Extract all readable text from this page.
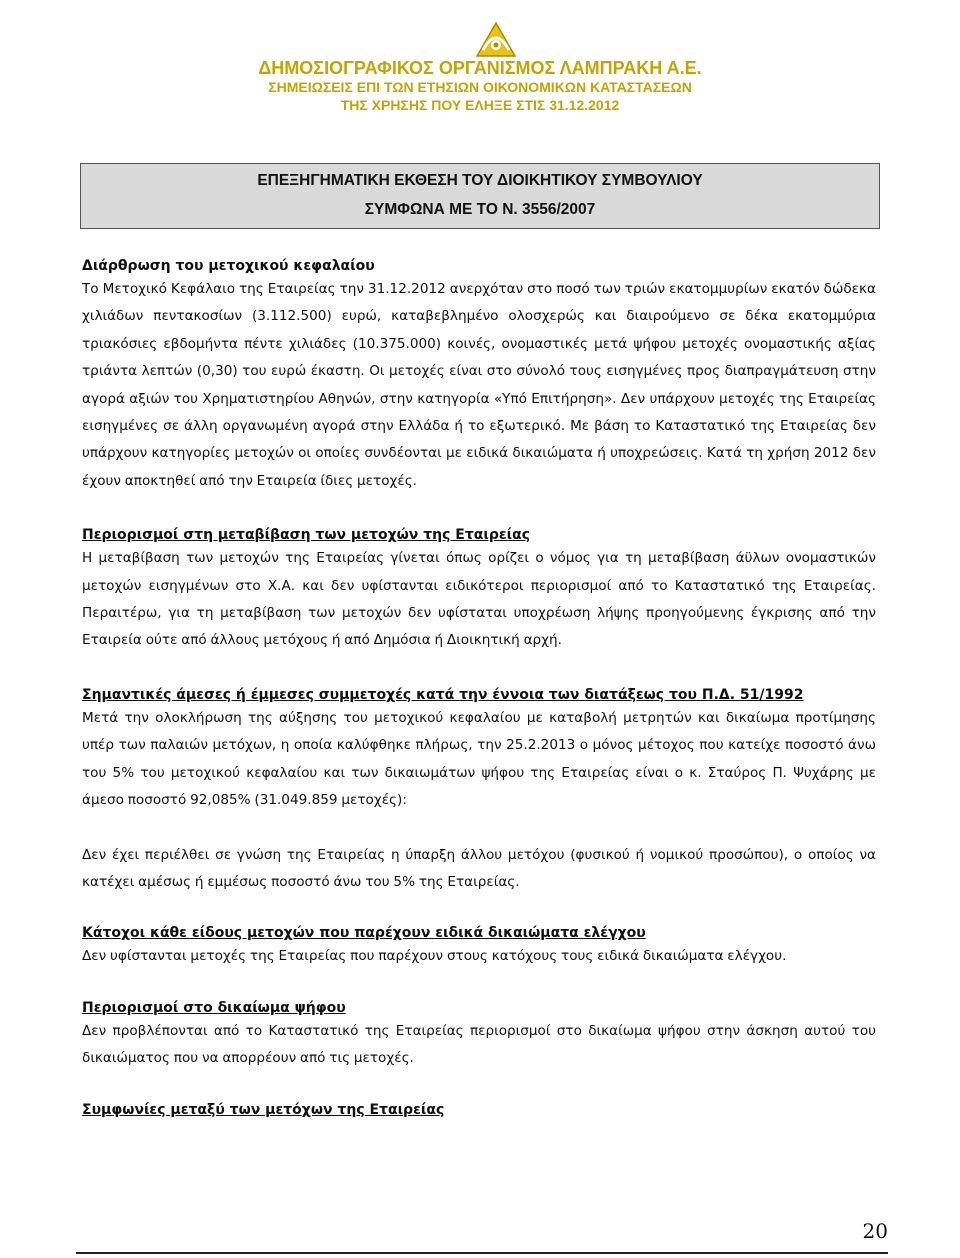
ΔΗΜΟΣΙΟΓΡΑΦΙΚΟΣ ΟΡΓΑΝΙΣΜΟΣ ΛΑΜΠΡΑΚΗ Α.Ε.
ΣΗΜΕΙΩΣΕΙΣ ΕΠΙ ΤΩΝ ΕΤΗΣΙΩΝ ΟΙΚΟΝΟΜΙΚΩΝ ΚΑΤΑΣΤΑΣΕΩΝ
ΤΗΣ ΧΡΗΣΗΣ ΠΟΥ ΕΛΗΞΕ ΣΤΙΣ 31.12.2012
ΕΠΕΞΗΓΗΜΑΤΙΚΗ ΕΚΘΕΣΗ ΤΟΥ ΔΙΟΙΚΗΤΙΚΟΥ ΣΥΜΒΟΥΛΙΟΥ
ΣΥΜΦΩΝΑ ΜΕ ΤΟ Ν. 3556/2007
Διάρθρωση του μετοχικού κεφαλαίου

Το Μετοχικό Κεφάλαιο της Εταιρείας την 31.12.2012 ανερχόταν στο ποσό των τριών εκατομμυρίων εκατόν δώδεκα χιλιάδων πεντακοσίων (3.112.500) ευρώ, καταβεβλημένο ολοσχερώς και διαιρούμενο σε δέκα εκατομμύρια τριακόσιες εβδομήντα πέντε χιλιάδες (10.375.000) κοινές, ονομαστικές μετά ψήφου μετοχές ονομαστικής αξίας τριάντα λεπτών (0,30) του ευρώ έκαστη. Οι μετοχές είναι στο σύνολό τους εισηγμένες προς διαπραγμάτευση στην αγορά αξιών του Χρηματιστηρίου Αθηνών, στην κατηγορία «Υπό Επιτήρηση». Δεν υπάρχουν μετοχές της Εταιρείας εισηγμένες σε άλλη οργανωμένη αγορά στην Ελλάδα ή το εξωτερικό. Με βάση το Καταστατικό της Εταιρείας δεν υπάρχουν κατηγορίες μετοχών οι οποίες συνδέονται με ειδικά δικαιώματα ή υποχρεώσεις. Κατά τη χρήση 2012 δεν έχουν αποκτηθεί από την Εταιρεία ίδιες μετοχές.

Περιορισμοί στη μεταβίβαση των μετοχών της Εταιρείας

Η μεταβίβαση των μετοχών της Εταιρείας γίνεται όπως ορίζει ο νόμος για τη μεταβίβαση άϋλων ονομαστικών μετοχών εισηγμένων στο Χ.Α. και δεν υφίστανται ειδικότεροι περιορισμοί από το Καταστατικό της Εταιρείας. Περαιτέρω, για τη μεταβίβαση των μετοχών δεν υφίσταται υποχρέωση λήψης προηγούμενης έγκρισης από την Εταιρεία ούτε από άλλους μετόχους ή από Δημόσια ή Διοικητική αρχή.

Σημαντικές άμεσες ή έμμεσες συμμετοχές κατά την έννοια των διατάξεως του Π.Δ. 51/1992

Μετά την ολοκλήρωση της αύξησης του μετοχικού κεφαλαίου με καταβολή μετρητών και δικαίωμα προτίμησης υπέρ των παλαιών μετόχων, η οποία καλύφθηκε πλήρως, την 25.2.2013 ο μόνος μέτοχος που κατείχε ποσοστό άνω του 5% του μετοχικού κεφαλαίου και των δικαιωμάτων ψήφου της Εταιρείας είναι ο κ. Σταύρος Π. Ψυχάρης με άμεσο ποσοστό 92,085% (31.049.859 μετοχές):

Δεν έχει περιέλθει σε γνώση της Εταιρείας η ύπαρξη άλλου μετόχου (φυσικού ή νομικού προσώπου), ο οποίος να κατέχει αμέσως ή εμμέσως ποσοστό άνω του 5% της Εταιρείας.

Κάτοχοι κάθε είδους μετοχών που παρέχουν ειδικά δικαιώματα ελέγχου

Δεν υφίστανται μετοχές της Εταιρείας που παρέχουν στους κατόχους τους ειδικά δικαιώματα ελέγχου.

Περιορισμοί στο δικαίωμα ψήφου

Δεν προβλέπονται από το Καταστατικό της Εταιρείας περιορισμοί στο δικαίωμα ψήφου στην άσκηση αυτού του δικαιώματος που να απορρέουν από τις μετοχές.

Συμφωνίες μεταξύ των μετόχων της Εταιρείας
20
